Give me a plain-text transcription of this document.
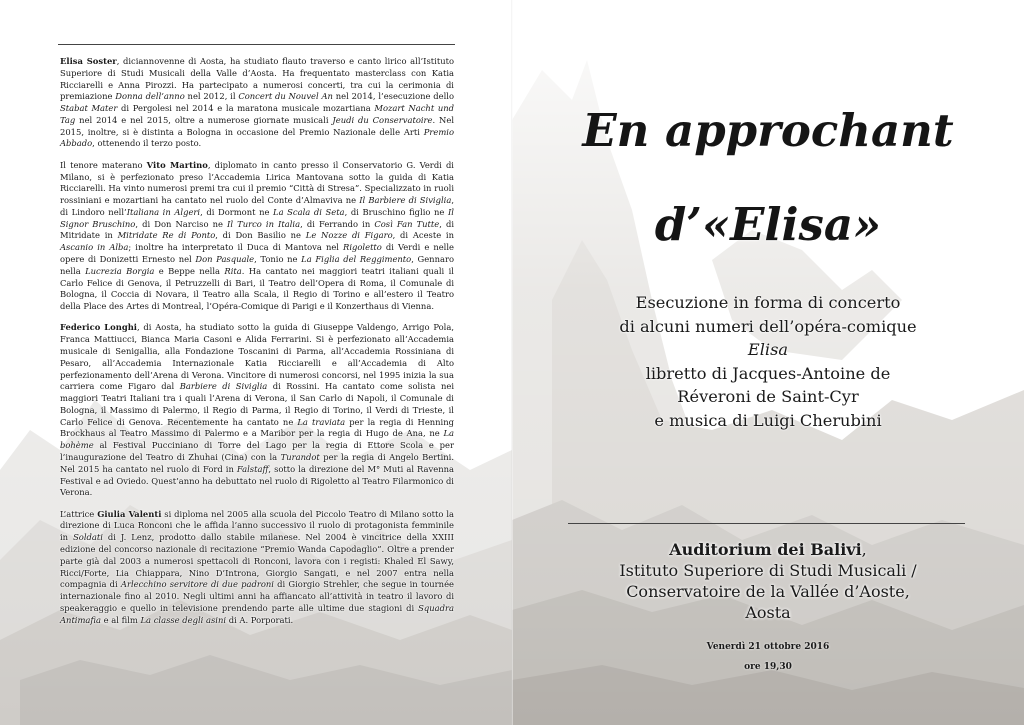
Elisa Soster, diciannovenne di Aosta, ha studiato flauto traverso e canto lirico all’Istituto Superiore di Studi Musicali della Valle d’Aosta. Ha frequentato masterclass con Katia Ricciarelli e Anna Pirozzi. Ha partecipato a numerosi concerti, tra cui la cerimonia di premiazione Donna dell’anno nel 2012, il Concert du Nouvel An nel 2014, l’esecuzione dello Stabat Mater di Pergolesi nel 2014 e la maratona musicale mozartiana Mozart Nacht und Tag nel 2014 e nel 2015, oltre a numerose giornate musicali Jeudi du Conservatoire. Nel 2015, inoltre, si è distinta a Bologna in occasione del Premio Nazionale delle Arti Premio Abbado, ottenendo il terzo posto.

Il tenore materano Vito Martino, diplomato in canto presso il Conservatorio G. Verdi di Milano, si è perfezionato preso l’Accademia Lirica Mantovana sotto la guida di Katia Ricciarelli. Ha vinto numerosi premi tra cui il premio “Città di Stresa”. Specializzato in ruoli rossiniani e mozartiani ha cantato nel ruolo del Conte d’Almaviva ne Il Barbiere di Siviglia, di Lindoro nell’Italiana in Algeri, di Dormont ne La Scala di Seta, di Bruschino figlio ne Il Signor Bruschino, di Don Narciso ne Il Turco in Italia, di Ferrando in Così Fan Tutte, di Mitridate in Mitridate Re di Ponto, di Don Basilio ne Le Nozze di Figaro, di Aceste in Ascanio in Alba; inoltre ha interpretato il Duca di Mantova nel Rigoletto di Verdi e nelle opere di Donizetti Ernesto nel Don Pasquale, Tonio ne La Figlia del Reggimento, Gennaro nella Lucrezia Borgia e Beppe nella Rita. Ha cantato nei maggiori teatri italiani quali il Carlo Felice di Genova, il Petruzzelli di Bari, il Teatro dell’Opera di Roma, il Comunale di Bologna, il Coccia di Novara, il Teatro alla Scala, il Regio di Torino e all’estero il Teatro della Place des Artes di Montreal, l’Opéra-Comique di Parigi e il Konzerthaus di Vienna.

Federico Longhi, di Aosta, ha studiato sotto la guida di Giuseppe Valdengo, Arrigo Pola, Franca Mattiucci, Bianca Maria Casoni e Alida Ferrarini. Si è perfezionato all’Accademia musicale di Senigallia, alla Fondazione Toscanini di Parma, all’Accademia Rossiniana di Pesaro, all’Accademia Internazionale Katia Ricciarelli e all’Accademia di Alto perfezionamento dell’Arena di Verona. Vincitore di numerosi concorsi, nel 1995 inizia la sua carriera come Figaro dal Barbiere di Siviglia di Rossini. Ha cantato come solista nei maggiori Teatri Italiani tra i quali l’Arena di Verona, il San Carlo di Napoli, il Comunale di Bologna, il Massimo di Palermo, il Regio di Parma, il Regio di Torino, il Verdi di Trieste, il Carlo Felice di Genova. Recentemente ha cantato ne La traviata per la regia di Henning Brockhaus al Teatro Massimo di Palermo e a Maribor per la regia di Hugo de Ana, ne La bohème al Festival Pucciniano di Torre del Lago per la regia di Ettore Scola e per l’inaugurazione del Teatro di Zhuhai (Cina) con la Turandot per la regia di Angelo Bertini. Nel 2015 ha cantato nel ruolo di Ford in Falstaff, sotto la direzione del M° Muti al Ravenna Festival e ad Oviedo. Quest’anno ha debuttato nel ruolo di Rigoletto al Teatro Filarmonico di Verona.

L’attrice Giulia Valenti si diploma nel 2005 alla scuola del Piccolo Teatro di Milano sotto la direzione di Luca Ronconi che le affida l’anno successivo il ruolo di protagonista femminile in Soldati di J. Lenz, prodotto dallo stabile milanese. Nel 2004 è vincitrice della XXIII edizione del concorso nazionale di recitazione “Premio Wanda Capodaglio”. Oltre a prender parte già dal 2003 a numerosi spettacoli di Ronconi, lavora con i registi: Khaled El Sawy, Ricci/Forte, Lia Chiappara, Nino D’Introna, Giorgio Sangati, e nel 2007 entra nella compagnia di Arlecchino servitore di due padroni di Giorgio Strehler, che segue in tournée internazionale fino al 2010. Negli ultimi anni ha affiancato all’attività in teatro il lavoro di speakeraggio e quello in televisione prendendo parte alle ultime due stagioni di Squadra Antimafia e al film La classe degli asini di A. Porporati.

En approchant
d’«Elisa»
Esecuzione in forma di concerto
di alcuni numeri dell’opéra-comique
Elisa
libretto di Jacques-Antoine de
Réveroni de Saint-Cyr
e musica di Luigi Cherubini
Auditorium dei Balivi,
Istituto Superiore di Studi Musicali /
Conservatoire de la Vallée d’Aoste,
Aosta
Venerdì 21 ottobre 2016
ore 19,30
